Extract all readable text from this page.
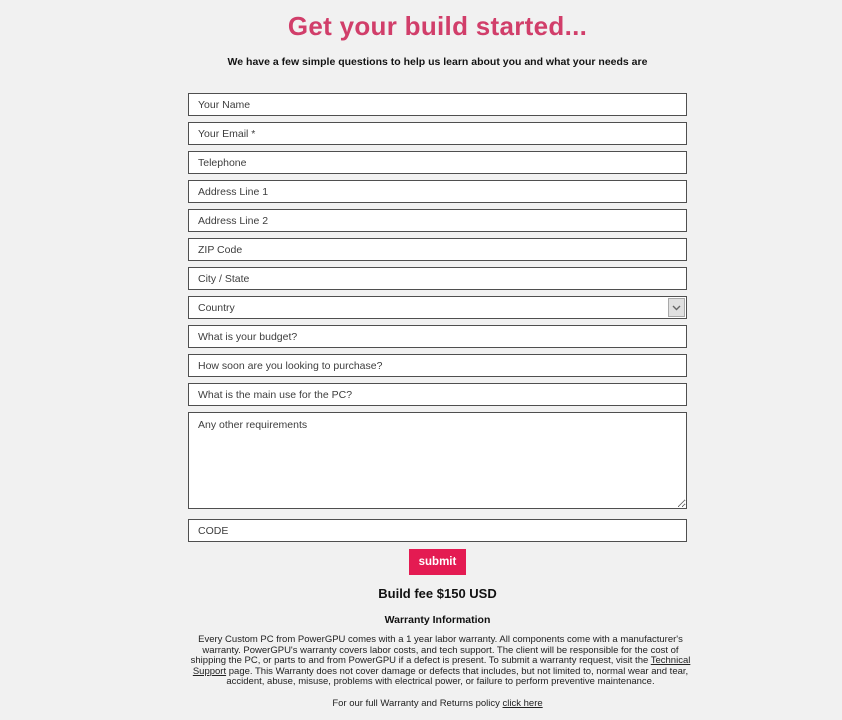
Get your build started...

We have a few simple questions to help us learn about you and what your needs are

Your Name
Your Email *
Telephone
Address Line 1
Address Line 2
ZIP Code
City / State
Country
What is your budget?
How soon are you looking to purchase?
What is the main use for the PC?
Any other requirements
CODE
submit

Build fee $150 USD

Warranty Information

Every Custom PC from PowerGPU comes with a 1 year labor warranty. All components come with a manufacturer's warranty. PowerGPU's warranty covers labor costs, and tech support. The client will be responsible for the cost of shipping the PC, or parts to and from PowerGPU if a defect is present. To submit a warranty request, visit the Technical Support page. This Warranty does not cover damage or defects that includes, but not limited to, normal wear and tear, accident, abuse, misuse, problems with electrical power, or failure to perform preventive maintenance.

For our full Warranty and Returns policy click here
